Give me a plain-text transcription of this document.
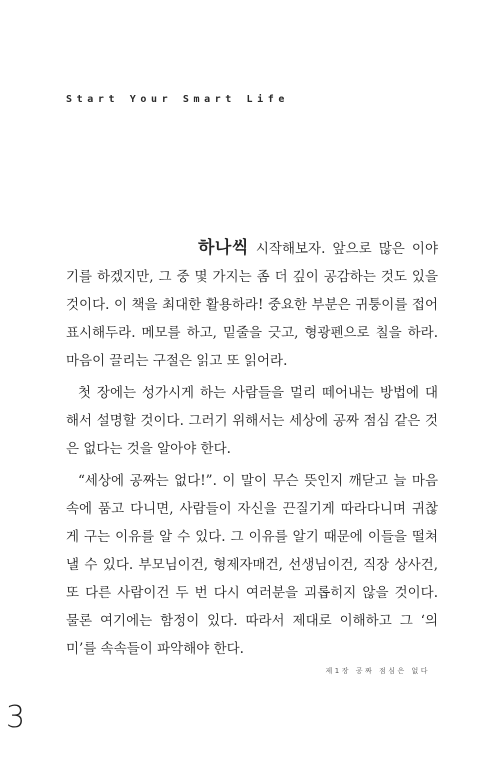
Start Your Smart Life

하나씩 시작해보자. 앞으로 많은 이야기를 하겠지만, 그 중 몇 가지는 좀 더 깊이 공감하는 것도 있을 것이다. 이 책을 최대한 활용하라! 중요한 부분은 귀퉁이를 접어 표시해두라. 메모를 하고, 밑줄을 긋고, 형광펜으로 칠을 하라. 마음이 끌리는 구절은 읽고 또 읽어라.

첫 장에는 성가시게 하는 사람들을 멀리 떼어내는 방법에 대해서 설명할 것이다. 그러기 위해서는 세상에 공짜 점심 같은 것은 없다는 것을 알아야 한다.

“세상에 공짜는 없다!”. 이 말이 무슨 뜻인지 깨닫고 늘 마음속에 품고 다니면, 사람들이 자신을 끈질기게 따라다니며 귀찮게 구는 이유를 알 수 있다. 그 이유를 알기 때문에 이들을 떨쳐낼 수 있다. 부모님이건, 형제자매건, 선생님이건, 직장 상사건, 또 다른 사람이건 두 번 다시 여러분을 괴롭히지 않을 것이다. 물론 여기에는 함정이 있다. 따라서 제대로 이해하고 그 ‘의미’를 속속들이 파악해야 한다.

제1장 공짜 점심은 없다
3
